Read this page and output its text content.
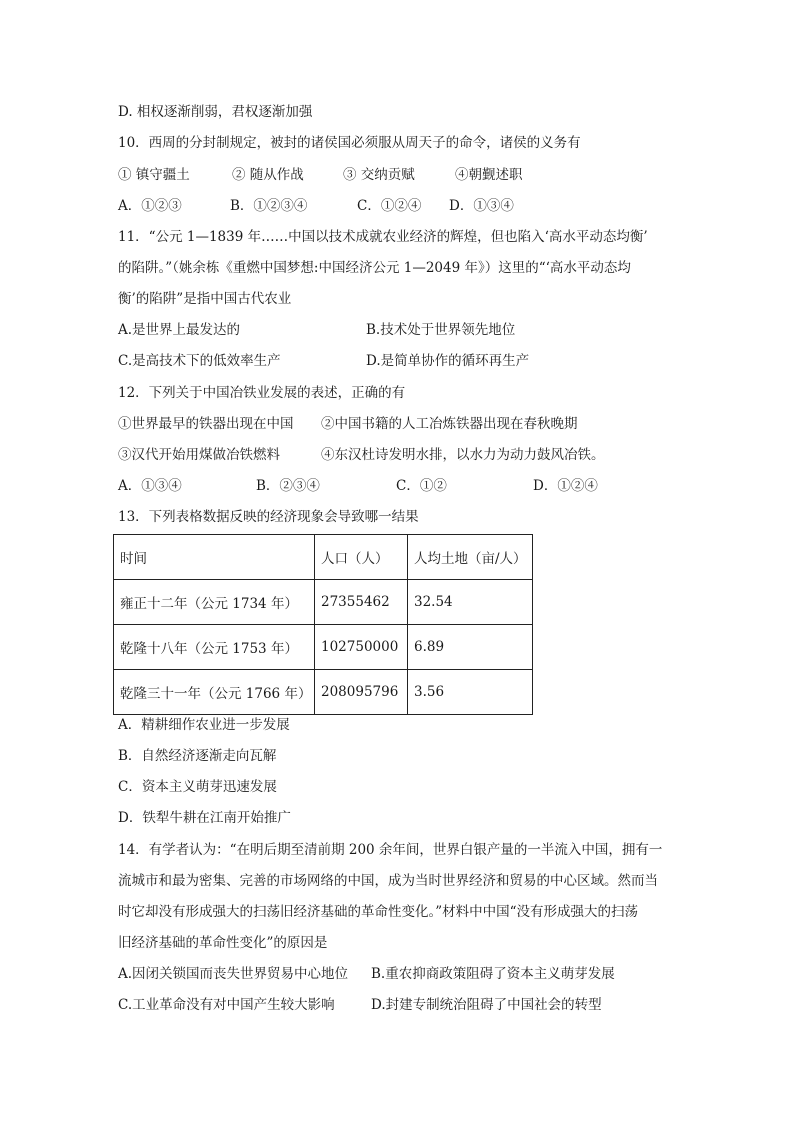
D. 相权逐渐削弱，君权逐渐加强
10．西周的分封制规定，被封的诸侯国必须服从周天子的命令，诸侯的义务有
① 镇守疆土	② 随从作战	③ 交纳贡赋	④朝觐述职
A．①②③	B．①②③④	C．①②④ D．①③④
11．“公元 1—1839 年……中国以技术成就农业经济的辉煌，但也陷入‘高水平动态均衡’
的陷阱。”（姚余栋《重燃中国梦想:中国经济公元 1—2049 年》）这里的“‘高水平动态均
衡’的陷阱”是指中国古代农业
A.是世界上最发达的	B.技术处于世界领先地位
C.是高技术下的低效率生产	D.是简单协作的循环再生产
12．下列关于中国冶铁业发展的表述，正确的有
①世界最早的铁器出现在中国 ②中国书籍的人工冶炼铁器出现在春秋晚期
③汉代开始用煤做冶铁燃料	④东汉杜诗发明水排，以水力为动力鼓风冶铁。
A．①③④	B．②③④	C．①②	D．①②④
13．下列表格数据反映的经济现象会导致哪一结果
时间	人口（人）	人均土地（亩/人）
雍正十二年（公元 1734 年）	27355462	32.54
乾隆十八年（公元 1753 年）	102750000	6.89
乾隆三十一年（公元 1766 年）	208095796	3.56
A．精耕细作农业进一步发展
B．自然经济逐渐走向瓦解
C．资本主义萌芽迅速发展
D．铁犁牛耕在江南开始推广
14．有学者认为：“在明后期至清前期 200 余年间，世界白银产量的一半流入中国，拥有一
流城市和最为密集、完善的市场网络的中国，成为当时世界经济和贸易的中心区域。然而当
时它却没有形成强大的扫荡旧经济基础的革命性变化。”材料中中国“没有形成强大的扫荡
旧经济基础的革命性变化”的原因是
A.因闭关锁国而丧失世界贸易中心地位 B.重农抑商政策阻碍了资本主义萌芽发展
C.工业革命没有对中国产生较大影响	D.封建专制统治阻碍了中国社会的转型
